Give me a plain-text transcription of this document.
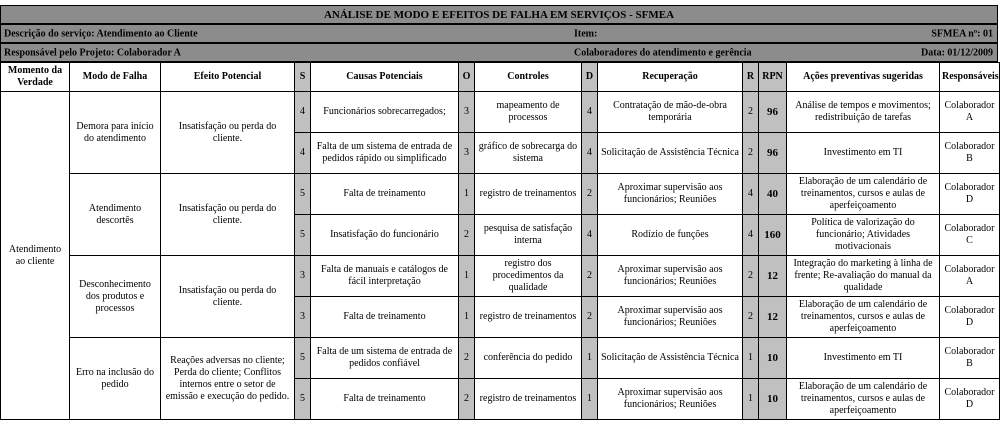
ANÁLISE DE MODO E EFEITOS DE FALHA EM SERVIÇOS - SFMEA
Descrição do serviço: Atendimento ao Cliente	Item:	SFMEA nº: 01
Responsável pelo Projeto: Colaborador A	Colaboradores do atendimento e gerência	Data: 01/12/2009
Momento da Verdade	Modo de Falha	Efeito Potencial	S	Causas Potenciais	O	Controles	D	Recuperação	R	RPN	Ações preventivas sugeridas	Responsáveis
Atendimento ao cliente	Demora para início do atendimento	Insatisfação ou perda do cliente.	4	Funcionários sobrecarregados;	3	mapeamento de processos	4	Contratação de mão-de-obra temporária	2	96	Análise de tempos e movimentos; redistribuição de tarefas	Colaborador A
			4	Falta de um sistema de entrada de pedidos rápido ou simplificado	3	gráfico de sobrecarga do sistema	4	Solicitação de Assistência Técnica	2	96	Investimento em TI	Colaborador B
	Atendimento descortês	Insatisfação ou perda do cliente.	5	Falta de treinamento	1	registro de treinamentos	2	Aproximar supervisão aos funcionários; Reuniões	4	40	Elaboração de um calendário de treinamentos, cursos e aulas de aperfeiçoamento	Colaborador D
			5	Insatisfação do funcionário	2	pesquisa de satisfação interna	4	Rodízio de funções	4	160	Política de valorização do funcionário; Atividades motivacionais	Colaborador C
	Desconhecimento dos produtos e processos	Insatisfação ou perda do cliente.	3	Falta de manuais e catálogos de fácil interpretação	1	registro dos procedimentos da qualidade	2	Aproximar supervisão aos funcionários; Reuniões	2	12	Integração do marketing à linha de frente; Re-avaliação do manual da qualidade	Colaborador A
			3	Falta de treinamento	1	registro de treinamentos	2	Aproximar supervisão aos funcionários; Reuniões	2	12	Elaboração de um calendário de treinamentos, cursos e aulas de aperfeiçoamento	Colaborador D
	Erro na inclusão do pedido	Reações adversas no cliente; Perda do cliente; Conflitos internos entre o setor de emissão e execução do pedido.	5	Falta de um sistema de entrada de pedidos confiável	2	conferência do pedido	1	Solicitação de Assistência Técnica	1	10	Investimento em TI	Colaborador B
			5	Falta de treinamento	2	registro de treinamentos	1	Aproximar supervisão aos funcionários; Reuniões	1	10	Elaboração de um calendário de treinamentos, cursos e aulas de aperfeiçoamento	Colaborador D
